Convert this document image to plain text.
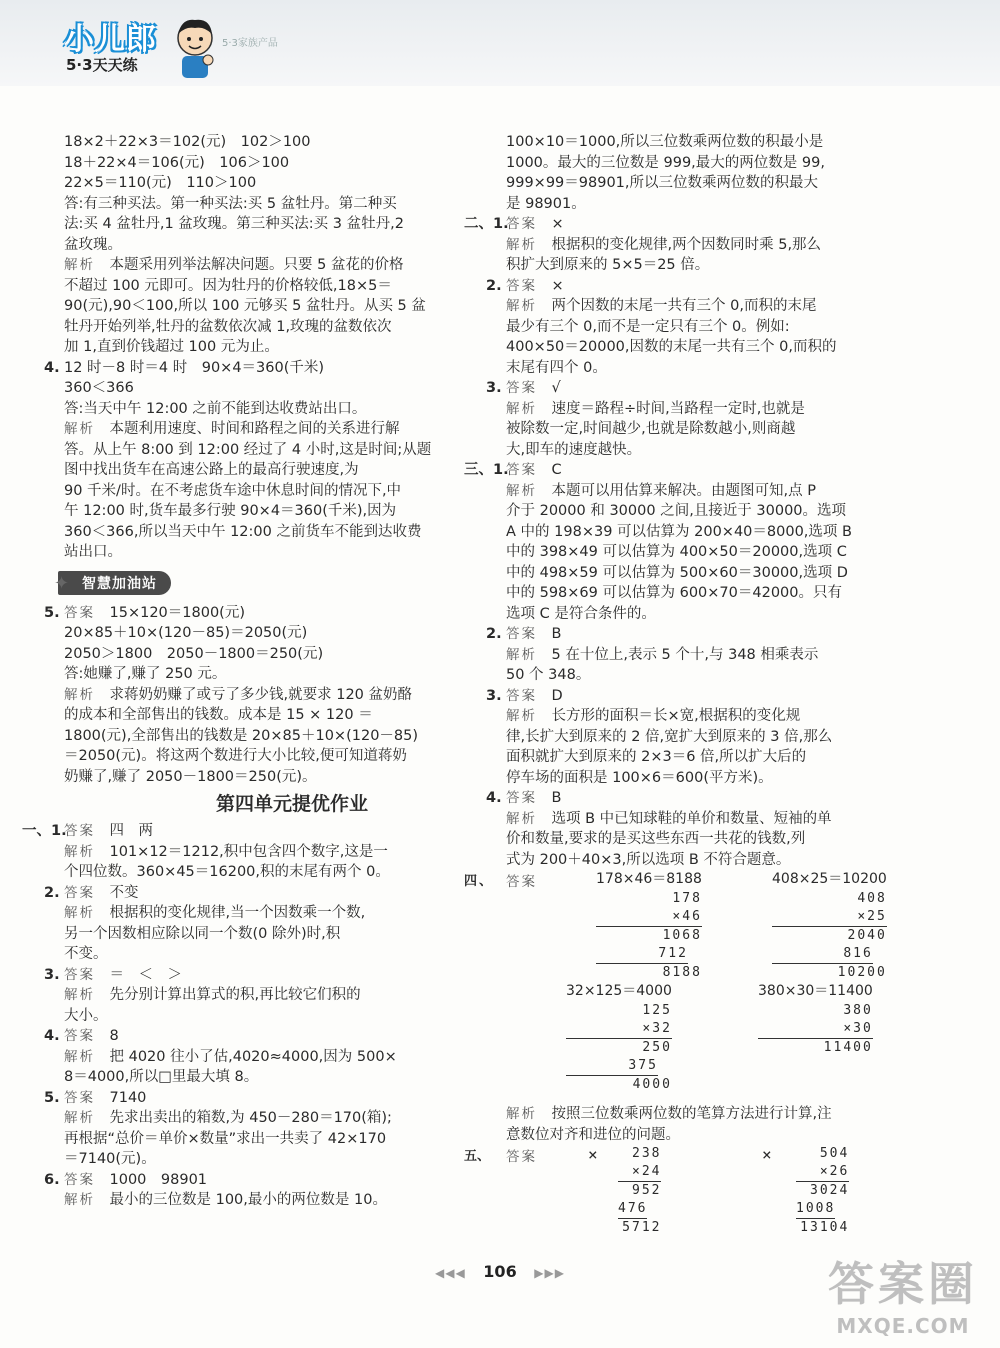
小儿郎
5·3天天练
5·3家族产品
18×2＋22×3＝102(元)　102＞100
18＋22×4＝106(元)　106＞100
22×5＝110(元)　110＞100
答:有三种买法。第一种买法:买 5 盆牡丹。第二种买
法:买 4 盆牡丹,1 盆玫瑰。第三种买法:买 3 盆牡丹,2
盆玫瑰。
解析　 本题采用列举法解决问题。只要 5 盆花的价格
不超过 100 元即可。因为牡丹的价格较低,18×5＝
90(元),90＜100,所以 100 元够买 5 盆牡丹。从买 5 盆
牡丹开始列举,牡丹的盆数依次减 1,玫瑰的盆数依次
加 1,直到价钱超过 100 元为止。
4. 12 时－8 时＝4 时　90×4＝360(千米)
360＜366
答:当天中午 12:00 之前不能到达收费站出口。
解析　 本题利用速度、时间和路程之间的关系进行解
答。从上午 8:00 到 12:00 经过了 4 小时,这是时间;从题
图中找出货车在高速公路上的最高行驶速度,为
90 千米/时。在不考虑货车途中休息时间的情况下,中
午 12:00 时,货车最多行驶 90×4＝360(千米),因为
360＜366,所以当天中午 12:00 之前货车不能到达收费
站出口。
✦ 智慧加油站
5. 答案　 15×120＝1800(元)
20×85＋10×(120－85)＝2050(元)
2050＞1800　2050－1800＝250(元)
答:她赚了,赚了 250 元。
解析　 求蒋奶奶赚了或亏了多少钱,就要求 120 盆奶酪
的成本和全部售出的钱数。成本是 15 × 120 ＝
1800(元),全部售出的钱数是 20×85＋10×(120－85)
＝2050(元)。将这两个数进行大小比较,便可知道蒋奶
奶赚了,赚了 2050－1800＝250(元)。
第四单元提优作业
一、1.
答案　 四　两
解析　 101×12＝1212,积中包含四个数字,这是一
个四位数。360×45＝16200,积的末尾有两个 0。
2. 答案　 不变
解析　 根据积的变化规律,当一个因数乘一个数,
另一个因数相应除以同一个数(0 除外)时,积
不变。
3. 答案　 ＝　＜　＞
解析　 先分别计算出算式的积,再比较它们积的
大小。
4. 答案　 8
解析　 把 4020 往小了估,4020≈4000,因为 500×
8＝4000,所以□里最大填 8。
5. 答案　 7140
解析　 先求出卖出的箱数,为 450－280＝170(箱);
再根据“总价＝单价×数量”求出一共卖了 42×170
＝7140(元)。
6. 答案　 1000　98901
解析　 最小的三位数是 100,最小的两位数是 10。
100×10＝1000,所以三位数乘两位数的积最小是
1000。最大的三位数是 999,最大的两位数是 99,
999×99＝98901,所以三位数乘两位数的积最大
是 98901。
二、1.
答案　 ×
解析　 根据积的变化规律,两个因数同时乘 5,那么
积扩大到原来的 5×5＝25 倍。
2. 答案　 ×
解析　 两个因数的末尾一共有三个 0,而积的末尾
最少有三个 0,而不是一定只有三个 0。例如:
400×50＝20000,因数的末尾一共有三个 0,而积的
末尾有四个 0。
3. 答案　 √
解析　 速度＝路程÷时间,当路程一定时,也就是
被除数一定,时间越少,也就是除数越小,则商越
大,即车的速度越快。
三、1.
答案　 C
解析　 本题可以用估算来解决。由题图可知,点 P
介于 20000 和 30000 之间,且接近于 30000。选项
A 中的 198×39 可以估算为 200×40＝8000,选项 B
中的 398×49 可以估算为 400×50＝20000,选项 C
中的 498×59 可以估算为 500×60＝30000,选项 D
中的 598×69 可以估算为 600×70＝42000。只有
选项 C 是符合条件的。
2. 答案　 B
解析　 5 在十位上,表示 5 个十,与 348 相乘表示
50 个 348。
3. 答案　 D
解析　 长方形的面积＝长×宽,根据积的变化规
律,长扩大到原来的 2 倍,宽扩大到原来的 3 倍,那么
面积就扩大到原来的 2×3＝6 倍,所以扩大后的
停车场的面积是 100×6＝600(平方米)。
4. 答案　 B
解析　 选项 B 中已知球鞋的单价和数量、短袖的单
价和数量,要求的是买这些东西一共花的钱数,列
式为 200＋40×3,所以选项 B 不符合题意。
四、 答案	178×46＝8188
178
×46
1068
712
8188
408×25＝10200
408
×25
2040
816
10200
32×125＝4000
125
×32
250
375
4000
380×30＝11400
380
×30
11400
解析　 按照三位数乘两位数的笔算方法进行计算,注
意数位对齐和进位的问题。
五、 答案	×	238
×24
952
476
5712
×	504
×26
3024
1008
13104
◀◀◀ 106 ▶▶▶	答案圈
MXQE.COM
